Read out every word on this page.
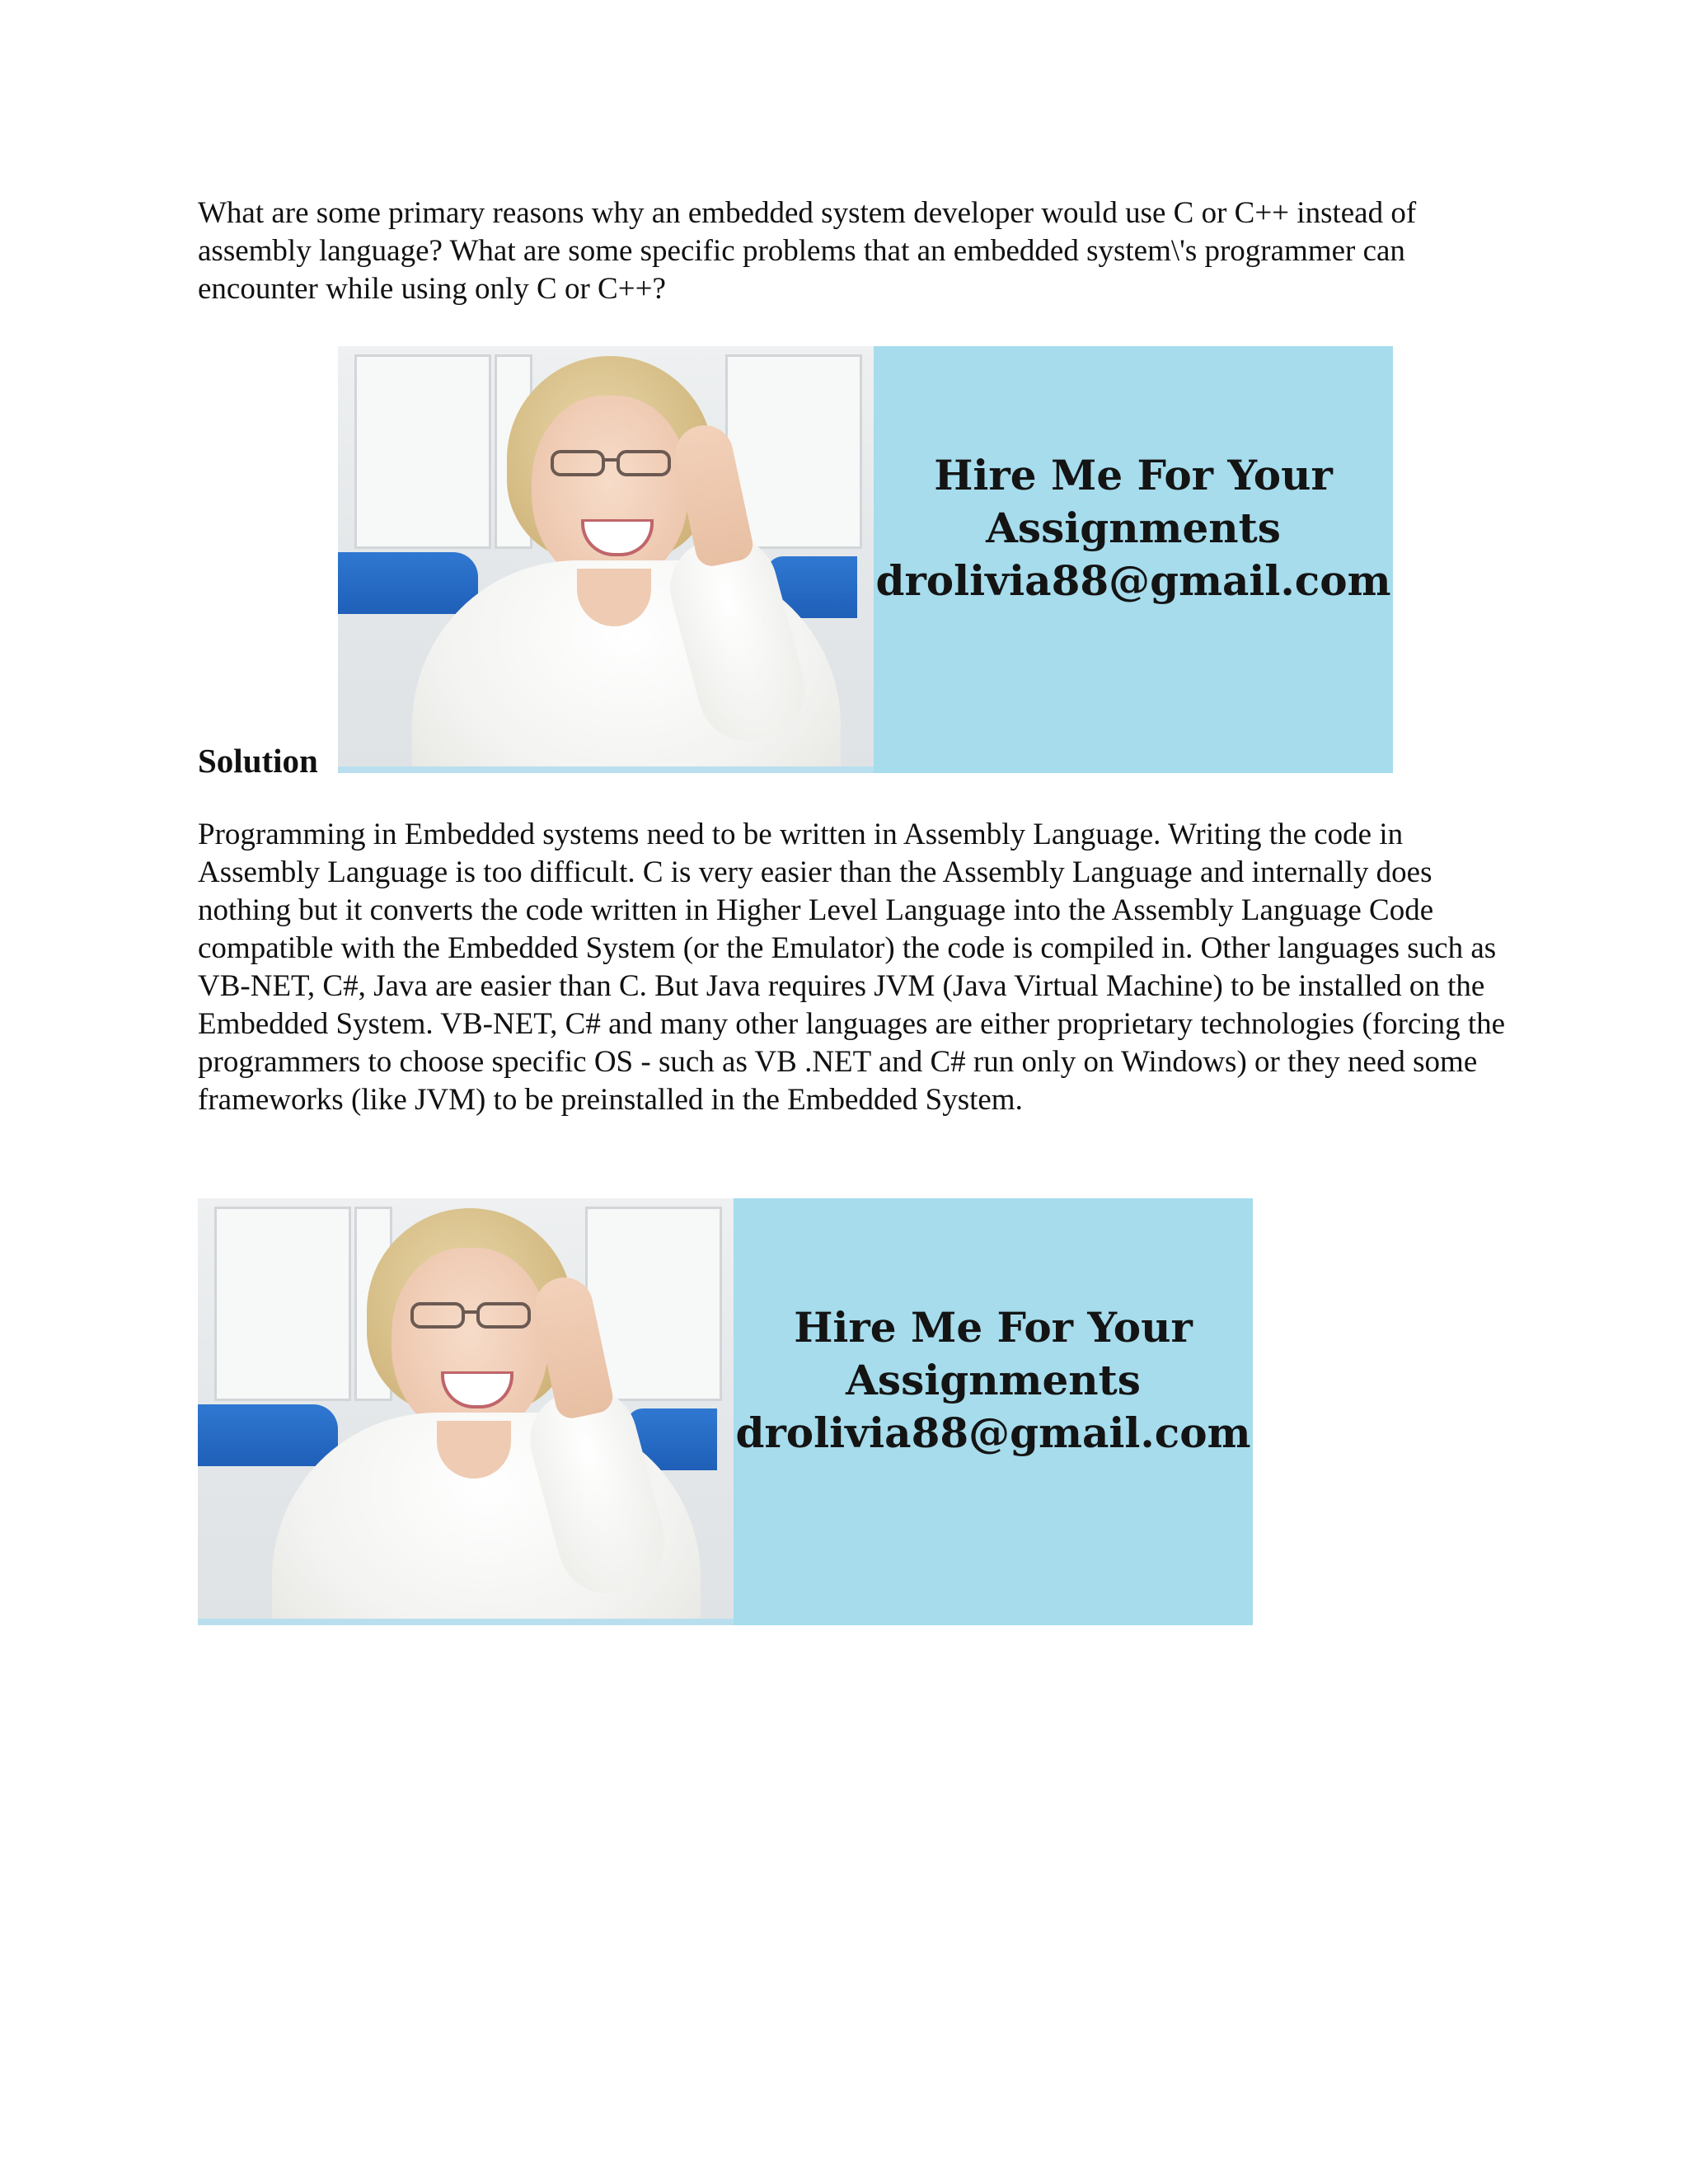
What are some primary reasons why an embedded system developer would use C or C++ instead of assembly language? What are some specific problems that an embedded system\'s programmer can encounter while using only C or C++?

Hire Me For Your
Assignments
drolivia88@gmail.com
Solution

Programming in Embedded systems need to be written in Assembly Language. Writing the code in Assembly Language is too difficult. C is very easier than the Assembly Language and internally does nothing but it converts the code written in Higher Level Language into the Assembly Language Code compatible with the Embedded System (or the Emulator) the code is compiled in. Other languages such as VB-NET, C#, Java are easier than C. But Java requires JVM (Java Virtual Machine) to be installed on the Embedded System. VB-NET, C# and many other languages are either proprietary technologies (forcing the programmers to choose specific OS - such as VB .NET and C# run only on Windows) or they need some frameworks (like JVM) to be preinstalled in the Embedded System.

Hire Me For Your
Assignments
drolivia88@gmail.com
